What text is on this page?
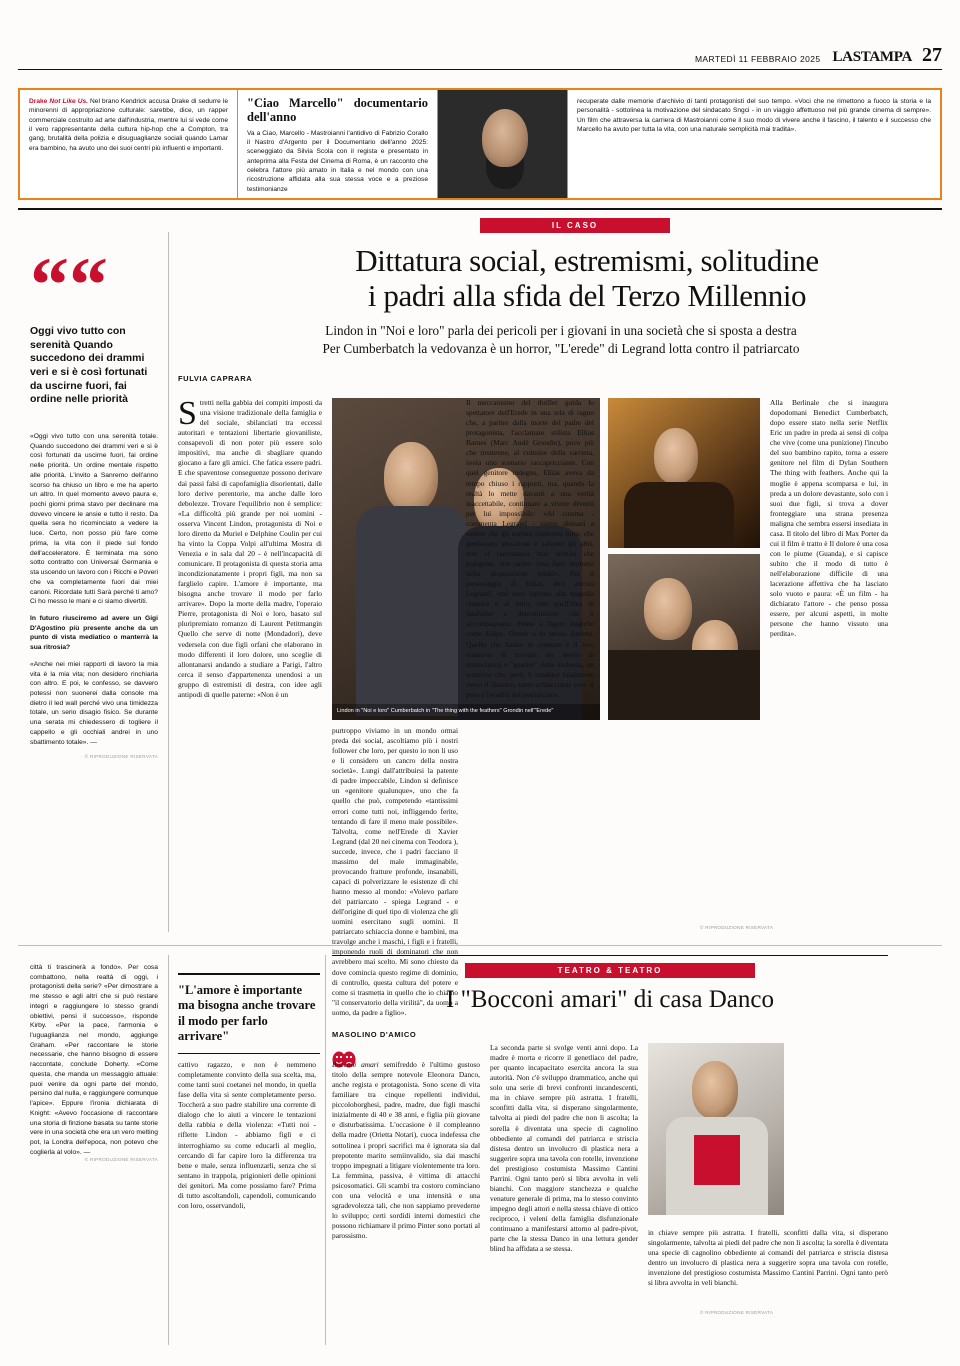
MARTEDÌ 11 FEBBRAIO 2025 LASTAMPA 27
Drake Not Like Us. Nel brano Kendrick accusa Drake di sedurre le minorenni di appropriazione culturale: sarebbe, dice, un rapper commerciale costruito ad arte dall'industria, mentre lui si vede come il vero rappresentante della cultura hip-hop che a Compton, tra gang, brutalità della polizia e disuguaglianze sociali quando Lamar era bambino, ha avuto uno dei suoi centri più influenti e importanti.
"Ciao Marcello" documentario dell'anno
Va a Ciao, Marcello - Mastroianni l'antidivo di Fabrizio Corallo il Nastro d'Argento per il Documentario dell'anno 2025: sceneggiato da Silvia Scola con il regista e presentato in anteprima alla Festa del Cinema di Roma, è un racconto che celebra l'attore più amato in Italia e nel mondo con una ricostruzione affidata alla sua stessa voce e a preziose testimonianze
recuperate dalle memorie d'archivio di tanti protagonisti del suo tempo. «Voci che ne rimettono a fuoco la storia e la personalità - sottolinea la motivazione del sindacato Sngci - in un viaggio affettuoso nel più grande cinema di sempre». Un film che attraversa la carriera di Mastroianni come il suo modo di vivere anche il fascino, il talento e il successo che Marcello ha avuto per tutta la vita, con una naturale semplicità mai tradita».
IL CASO
Dittatura social, estremismi, solitudine
i padri alla sfida del Terzo Millennio
Lindon in "Noi e loro" parla dei pericoli per i giovani in una società che si sposta a destra
Per Cumberbatch la vedovanza è un horror, "L'erede" di Legrand lotta contro il patriarcato
FULVIA CAPRARA
““
Oggi vivo tutto con serenità Quando succedono dei drammi veri e si è così fortunati da uscirne fuori, fai ordine nelle priorità

«Oggi vivo tutto con una serenità totale. Quando succedono dei drammi veri e si è così fortunati da uscirne fuori, fai ordine nelle priorità. Un ordine mentale rispetto alle priorità. L'invito a Sanremo dell'anno scorso ha chiuso un libro e me ha aperto un altro. In quel momento avevo paura e, pochi giorni prima stavo per declinare ma dovevo vincere le ansie e tutto il resto. Da quella sera ho ricominciato a vedere la luce. Certo, non posso più fare come prima, la vita con il piede sul fondo dell'acceleratore. È terminata ma sono sotto contratto con Universal Germania e sta uscendo un lavoro con i Ricchi e Poveri che va completamente fuori dai miei canoni. Ricordate tutti Sarà perché ti amo? Ci ho messo le mani e ci siamo divertiti.

In futuro riusciremo ad avere un Gigi D'Agostino più presente anche da un punto di vista mediatico o manterrà la sua ritrosia?

«Anche nei miei rapporti di lavoro la mia vita è la mia vita; non desidero rinchiarla con altro. E poi, le confesso, se davvero potessi non suonerei dalla console ma dietro il led wall perché vivo una timidezza totale, un serio disagio fisico. Se durante una serata mi chiedessero di togliere il cappello e gli occhiali andrei in uno sbattimento totale». —

© RIPRODUZIONE RISERVATA

Lindon in "Noi e loro" Cumberbatch in "The thing with the feathers" Grondin nell'"Erede"
© RIPRODUZIONE RISERVATA

Stretti nella gabbia dei compiti imposti da una visione tradizionale della famiglia e del sociale, sbilanciati tra eccessi autoritari e tentazioni libertarie giovaniliste, consapevoli di non poter più essere solo impositivi, ma anche di sbagliare quando giocano a fare gli amici. Che fatica essere padri. E che spaventose conseguenze possono derivare dai passi falsi di capofamiglia disorientati, dalle loro derive perentorie, ma anche dalle loro debolezze. Trovare l'equilibrio non è semplice: «La difficoltà più grande per noi uomini - osserva Vincent Lindon, protagonista di Noi e loro diretto da Muriel e Delphine Coulin per cui ha vinto la Coppa Volpi all'ultima Mostra di Venezia e in sala dal 20 - è nell'incapacità di comunicare. Il protagonista di questa storia ama incondizionatamente i propri figli, ma non sa farglielo capire. L'amore è importante, ma bisogna anche trovare il modo per farlo arrivare». Dopo la morte della madre, l'operaio Pierre, protagonista di Noi e loro, basato sul pluripremiato romanzo di Laurent Petitmangin Quello che serve di notte (Mondadori), deve vedersela con due figli orfani che elaborano in modo differenti il loro dolore, uno sceglie di allontanarsi andando a studiare a Parigi, l'altro cerca il senso d'appartenenza unendosi a un gruppo di estremisti di destra, con idee agli antipodi di quelle paterne: «Non è un

purtroppo viviamo in un mondo ormai preda dei social, ascoltiamo più i nostri follower che loro, per questo io non li uso e li considero un cancro della nostra società». Lungi dall'attribuirsi la patente di padre impeccabile, Lindon si definisce un «genitore qualunque», uno che fa quello che può, competendo «tantissimi errori come tutti noi, infliggendo ferite, tentando di fare il meno male possibile». Talvolta, come nell'Erede di Xavier Legrand (dal 20 nei cinema con Teodora ), succede, invece, che i padri facciano il massimo del male immaginabile, provocando fratture profonde, insanabili, capaci di polverizzare le esistenze di chi hanno messo al mondo: «Volevo parlare del patriarcato - spiega Legrand - e dell'origine di quel tipo di violenza che gli uomini esercitano sugli uomini. Il patriarcato schiaccia donne e bambini, ma travolge anche i maschi, i figli e i fratelli, imponendo ruoli di dominatori che non avrebbero mai scelto. Mi sono chiesto da dove comincia questo regime di dominio, di controllo, questa cultura del potere e come si trasmetta in quello che io chiamo "il conservatorio della virilità", da uomo a uomo, da padre a figlio».

Il meccanismo del thriller guida lo spettatore dell'Erede in una tela di ragno che, a partire dalla morte del padre del protagonista, l'acclamato stilista Ellias Barnes (Marc Andé Grondin), poco più che trentenne, al culmine della carriera, svela uno scenario raccapricciante. Con quel genitore indegno, Ellias aveva da tempo chiuso i rapporti, ma, quando la realtà lo mette davanti a una verità inaccettabile, continuare a vivere diverrà per lui impossibile: «Al cinema - commenta Legrand - siamo abituati a vedere che gli uomini risolvono tutto, che gestiscono situazioni e salvano gli altri, non si raccontano mai uomini che piangono, non sanno cosa fare, immersi nella disperazione totale». Per il personaggio di Ellias, dice ancora Legrand, «mi sono ispirato alla tragedia classica e al mito, con quell'idea di fatalismo e determinismo che li accompagnano. Penso a figure tragiche come Edipo, Oreste o lo stesso Amleto. Quello che hanno in comune è il loro tentativo di trovare un modo di emanciparsi e "guarire" dalla violenza, un tentativo che, però, li conduce fatalmente verso il disastro, tanto schiaccianti sono il peso e l'eredità del patriarcato».

Alla Berlinale che si inaugura dopodomani Benedict Cumberbatch, dopo essere stato nella serie Netflix Eric un padre in preda ai sensi di colpa che vive (come una punizione) l'incubo del suo bambino rapito, torna a essere genitore nel film di Dylan Southern The thing with feathers. Anche qui la moglie è appena scomparsa e lui, in preda a un dolore devastante, solo con i suoi due figli, si trova a dover fronteggiare una strana presenza maligna che sembra essersi insediata in casa. Il titolo del libro di Max Porter da cui il film è tratto è Il dolore è una cosa con le piume (Guanda), e si capisce subito che il modo di tutto è nell'elaborazione difficile di una lacerazione affettiva che ha lasciato solo vuoto e paura: «È un film - ha dichiarato l'attore - che penso possa essere, per alcuni aspetti, in molte persone che hanno vissuto una perdita».

città ti trascinerà a fondo». Per cosa combattono, nella realtà di oggi, i protagonisti della serie? «Per dimostrare a me stesso e agli altri che si può restare integri e raggiungere lo stesso grandi obiettivi, pensi il successo», risponde Kirby. «Per la pace, l'armonia e l'uguaglianza nel mondo, aggiunge Graham. «Per raccontare le storie necessarie, che hanno bisogno di essere raccontate, conclude Doherty. «Come questa, che manda un messaggio attuale: puoi venire da ogni parte del mondo, persino dal nulla, e raggiungere comunque l'apice». Eppure l'ironia dichiarata di Knight: «Avevo l'occasione di raccontare una storia di finzione basata su tante storie vere in una società che era un vero melting pot, la Londra dell'epoca, non potevo che coglierla al volo». —

© RIPRODUZIONE RISERVATA

"L'amore è importante ma bisogna anche trovare il modo per farlo arrivare"

cattivo ragazzo, e non è nemmeno completamente convinto della sua scelta, ma, come tanti suoi coetanei nel mondo, in quella fase della vita si sente completamente perso. Toccherà a suo padre stabilire una corrente di dialogo che lo aiuti a vincere le tentazioni della rabbia e della violenza: «Tutti noi - riflette Lindon - abbiamo figli e ci interroghiamo su come educarli al meglio, cercando di far capire loro la differenza tra bene e male, senza influenzarli, senza che si sentano in trappola, prigionieri delle opinioni dei genitori. Ma come possiamo fare? Prima di tutto ascoltandoli, capendoli, comunicando con loro, osservandoli,

TEATRO & TEATRO
I "Bocconi amari" di casa Danco
MASOLINO D'AMICO

Bocconi amari semifreddo è l'ultimo gustoso titolo della sempre notevole Eleonora Danco, anche regista e protagonista. Sono scene di vita familiare tra cinque repellenti individui, piccoloborghesi, padre, madre, due figli maschi inizialmente di 40 e 38 anni, e figlia più giovane e disturbatissima. L'occasione è il compleanno della madre (Orietta Notari), cuoca indefessa che sottolinea i propri sacrifici ma è ignorata sia dal prepotente marito semiinvalido, sia dai maschi troppo impegnati a litigare violentemente tra loro. La femmina, passiva, è vittima di attacchi psicosomatici. Gli scambi tra costoro cominciano con una velocità e una intensità e una sgradevolezza tali, che non sappiamo prevederne lo sviluppo; certi sordidi interni domestici che possono richiamare il primo Pinter sono portati al parossismo.

La seconda parte si svolge venti anni dopo. La madre è morta e ricorre il genetliaco del padre, per quanto incapacitato esercita ancora la sua autorità. Non c'è sviluppo drammatico, anche qui solo una serie di brevi confronti incandescenti, ma in chiave sempre più astratta. I fratelli, sconfitti dalla vita, si disperano singolarmente, talvolta ai piedi del padre che non li ascolta; la sorella è diventata una specie di cagnolino obbediente al comandi del patriarca e striscia distesa dentro un involucro di plastica nera a suggerire sopra una tavola con rotelle, invenzione del prestigioso costumista Massimo Cantini Parrini. Ogni tanto però si libra avvolta in veli bianchi. Con maggiore stanchezza e qualche venature generale di prima, ma lo stesso convinto impegno degli attori e nella stessa chiave di ottico reciproco, i veleni della famiglia disfunzionale continuano a manifestarsi attorno al padre-pivot, parte che la stessa Danco in una lettura gender blind ha affidata a se stessa.

in chiave sempre più astratta. I fratelli, sconfitti dalla vita, si disperano singolarmente, talvolta ai piedi del padre che non li ascolta; la sorella è diventata una specie di cagnolino obbediente ai comandi del patriarca e striscia distesa dentro un involucro di plastica nera a suggerire sopra una tavola con rotelle, invenzione del prestigioso costumista Massimo Cantini Parrini. Ogni tanto però si libra avvolta in veli bianchi.

© RIPRODUZIONE RISERVATA
